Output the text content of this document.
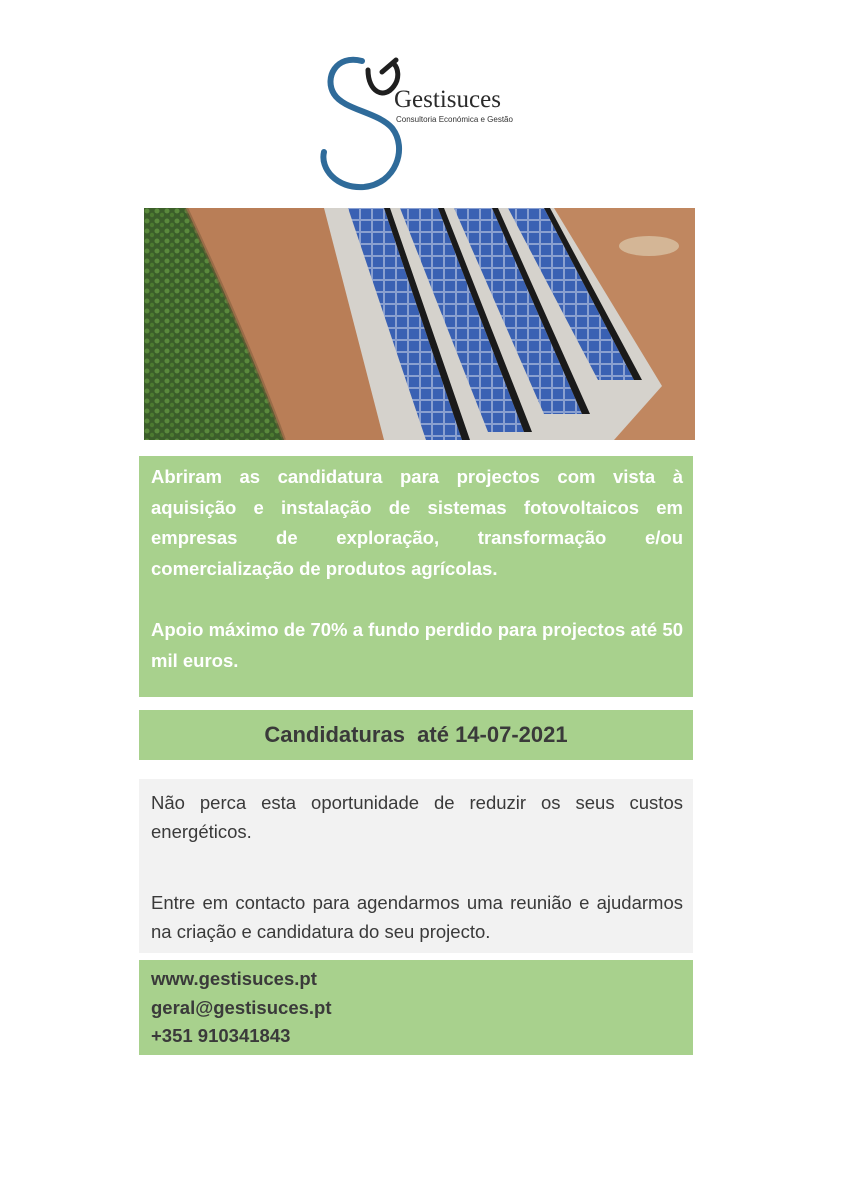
Gestisuces
Consultoria Económica e Gestão

Abriram as candidatura para projectos com vista à aquisição e instalação de sistemas fotovoltaicos em empresas de exploração, transformação e/ou comercialização de produtos agrícolas.

Apoio máximo de 70% a fundo perdido para projectos até 50 mil euros.

Candidaturas  até 14-07-2021

Não perca esta oportunidade de reduzir os seus custos energéticos.

Entre em contacto para agendarmos uma reunião e ajudarmos na criação e candidatura do seu projecto.

www.gestisuces.pt
geral@gestisuces.pt
+351 910341843
